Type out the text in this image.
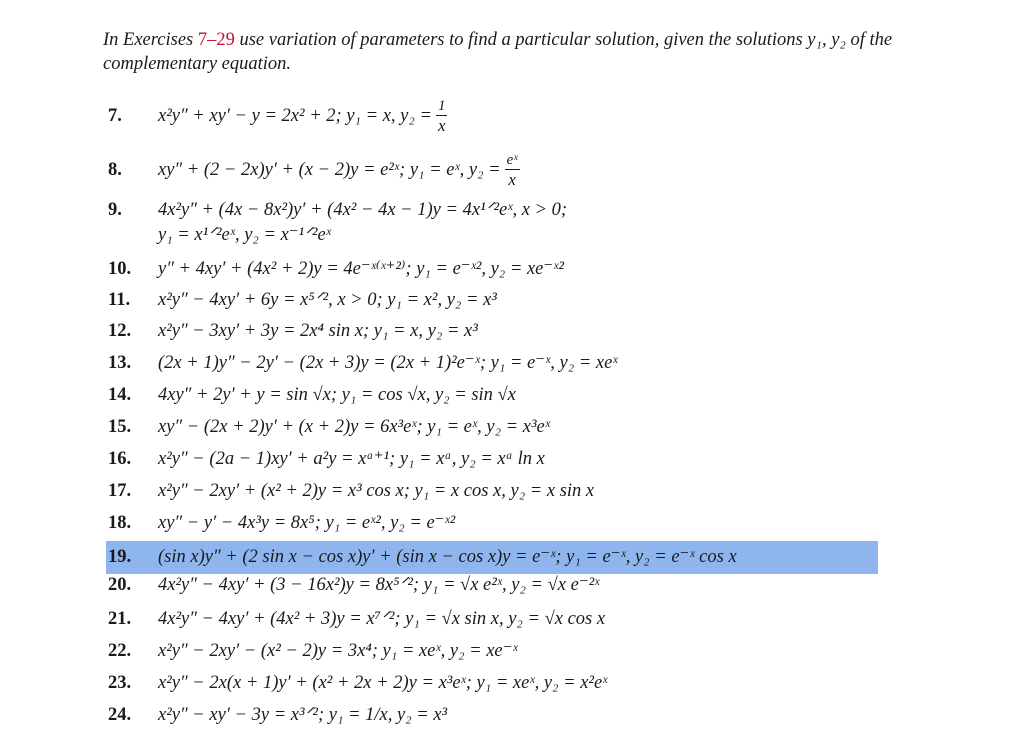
In Exercises 7–29 use variation of parameters to find a particular solution, given the solutions y₁, y₂ of the complementary equation.
7. x²y″ + xy′ − y = 2x² + 2; y₁ = x, $y_2 = \frac{1}{x}$
8. xy″ + (2 − 2x)y′ + (x − 2)y = e²ˣ; y₁ = eˣ, $y_2 = \frac{\text{eˣ}}{x}$
9. 4x²y″ + (4x − 8x²)y′ + (4x² − 4x − 1)y = 4x¹ᐟ²eˣ, x > 0;
y₁ = x¹ᐟ²eˣ, y₂ = x⁻¹ᐟ²eˣ
10. y″ + 4xy′ + (4x² + 2)y = 4e⁻ˣ⁽ˣ⁺²⁾; y₁ = e⁻ˣ², y₂ = xe⁻ˣ²
11. x²y″ − 4xy′ + 6y = x⁵ᐟ², x > 0; y₁ = x², y₂ = x³
12. x²y″ − 3xy′ + 3y = 2x⁴ sin x; y₁ = x, y₂ = x³
13. (2x + 1)y″ − 2y′ − (2x + 3)y = (2x + 1)²e⁻ˣ; y₁ = e⁻ˣ, y₂ = xeˣ
14. 4xy″ + 2y′ + y = sin √x; y₁ = cos √x, y₂ = sin √x
15. xy″ − (2x + 2)y′ + (x + 2)y = 6x³eˣ; y₁ = eˣ, y₂ = x³eˣ
16. x²y″ − (2a − 1)xy′ + a²y = xᵃ⁺¹; y₁ = xᵃ, y₂ = xᵃ ln x
17. x²y″ − 2xy′ + (x² + 2)y = x³ cos x; y₁ = x cos x, y₂ = x sin x
18. xy″ − y′ − 4x³y = 8x⁵; y₁ = eˣ², y₂ = e⁻ˣ²
19. (sin x)y″ + (2 sin x − cos x)y′ + (sin x − cos x)y = e⁻ˣ; y₁ = e⁻ˣ, y₂ = e⁻ˣ cos x
20. 4x²y″ − 4xy′ + (3 − 16x²)y = 8x⁵ᐟ²; y₁ = √x e²ˣ, y₂ = √x e⁻²ˣ
21. 4x²y″ − 4xy′ + (4x² + 3)y = x⁷ᐟ²; y₁ = √x sin x, y₂ = √x cos x
22. x²y″ − 2xy′ − (x² − 2)y = 3x⁴; y₁ = xeˣ, y₂ = xe⁻ˣ
23. x²y″ − 2x(x + 1)y′ + (x² + 2x + 2)y = x³eˣ; y₁ = xeˣ, y₂ = x²eˣ
24. x²y″ − xy′ − 3y = x³ᐟ²; y₁ = 1/x, y₂ = x³
